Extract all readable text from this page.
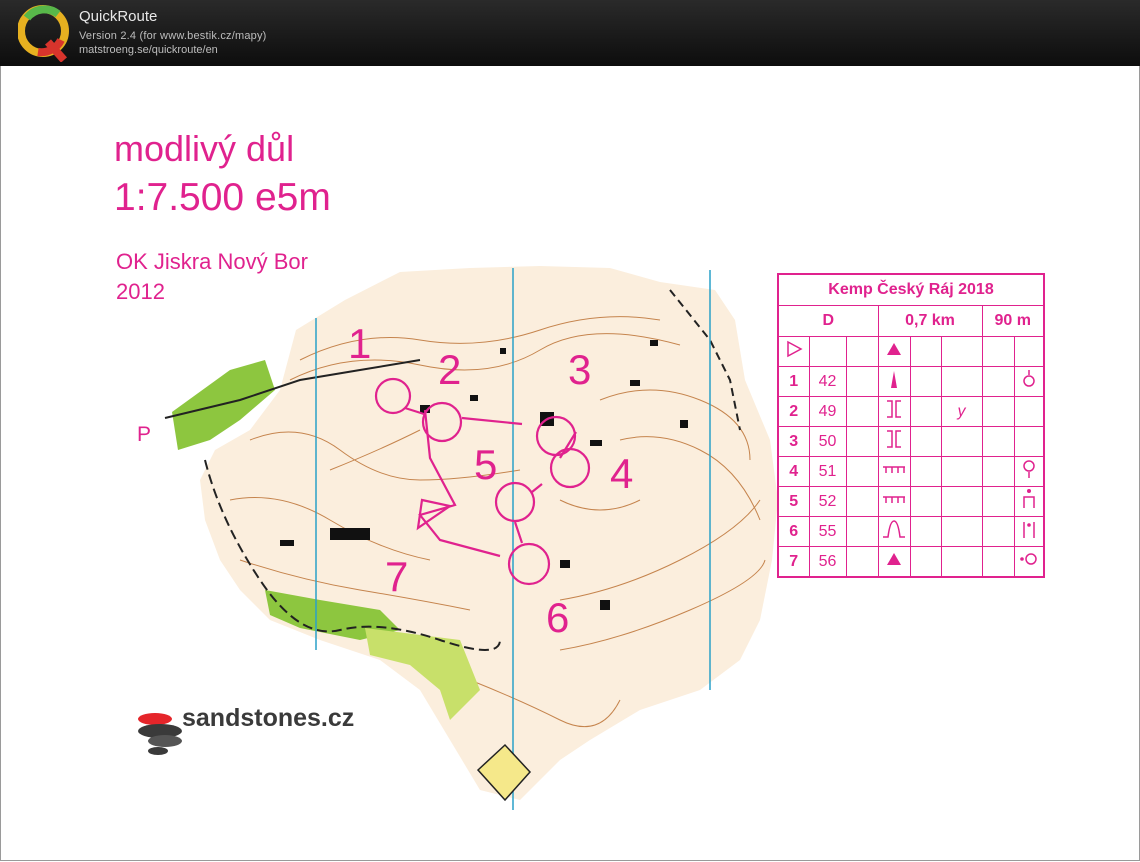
QuickRoute
Version 2.4 (for www.bestik.cz/mapy)
matstroeng.se/quickroute/en
1
2	3
4
5
6
7
modlivý důl
1:7.500 e5m
OK Jiskra Nový Bor
2012
P
sandstones.cz
Kemp Český Ráj 2018							
D			0,7 km			90 m	

1	42						
2	49				y		
3	50						
4	51						
5	52						
6	55						
7	56						
